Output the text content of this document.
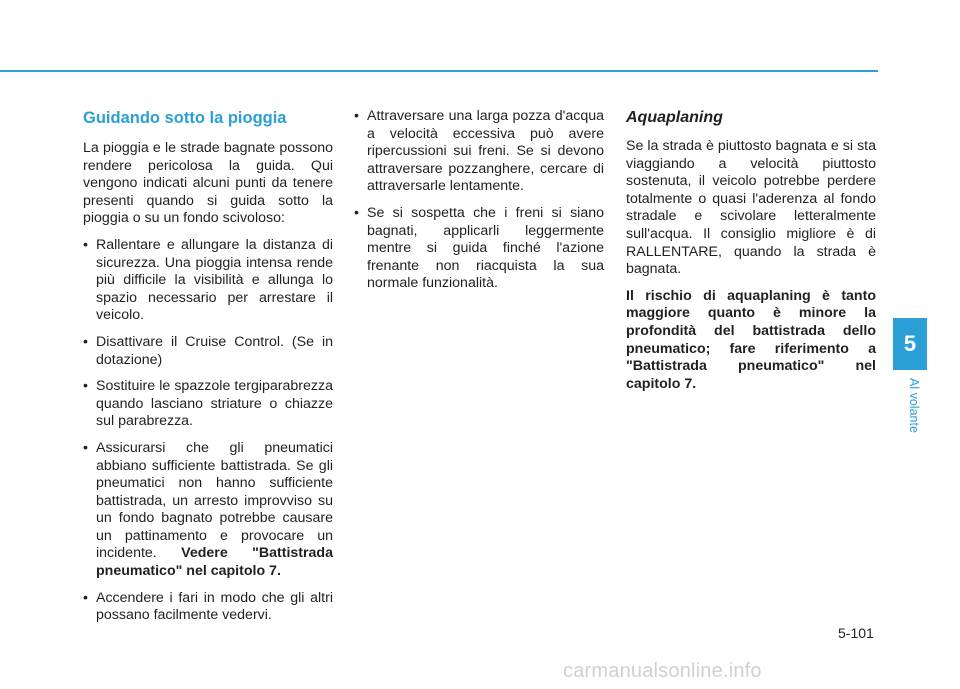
Guidando sotto la pioggia

La pioggia e le strade bagnate possono rendere pericolosa la guida. Qui vengono indicati alcuni punti da tenere presenti quando si guida sotto la pioggia o su un fondo scivoloso:

• Rallentare e allungare la distanza di sicurezza. Una pioggia intensa rende più difficile la visibilità e allunga lo spazio necessario per arrestare il veicolo.
• Disattivare il Cruise Control. (Se in dotazione)
• Sostituire le spazzole tergiparabrezza quando lasciano striature o chiazze sul parabrezza.
• Assicurarsi che gli pneumatici abbiano sufficiente battistrada. Se gli pneumatici non hanno sufficiente battistrada, un arresto improvviso su un fondo bagnato potrebbe causare un pattinamento e provocare un incidente. Vedere "Battistrada pneumatico" nel capitolo 7.
• Accendere i fari in modo che gli altri possano facilmente vedervi.
• Attraversare una larga pozza d'acqua a velocità eccessiva può avere ripercussioni sui freni. Se si devono attraversare pozzanghere, cercare di attraversarle lentamente.
• Se si sospetta che i freni si siano bagnati, applicarli leggermente mentre si guida finché l'azione frenante non riacquista la sua normale funzionalità.
Aquaplaning

Se la strada è piuttosto bagnata e si sta viaggiando a velocità piuttosto sostenuta, il veicolo potrebbe perdere totalmente o quasi l'aderenza al fondo stradale e scivolare letteralmente sull'acqua. Il consiglio migliore è di RALLENTARE, quando la strada è bagnata.

Il rischio di aquaplaning è tanto maggiore quanto è minore la profondità del battistrada dello pneumatico; fare riferimento a "Battistrada pneumatico" nel capitolo 7.

5
Al volante
5-101
carmanualsonline.info
